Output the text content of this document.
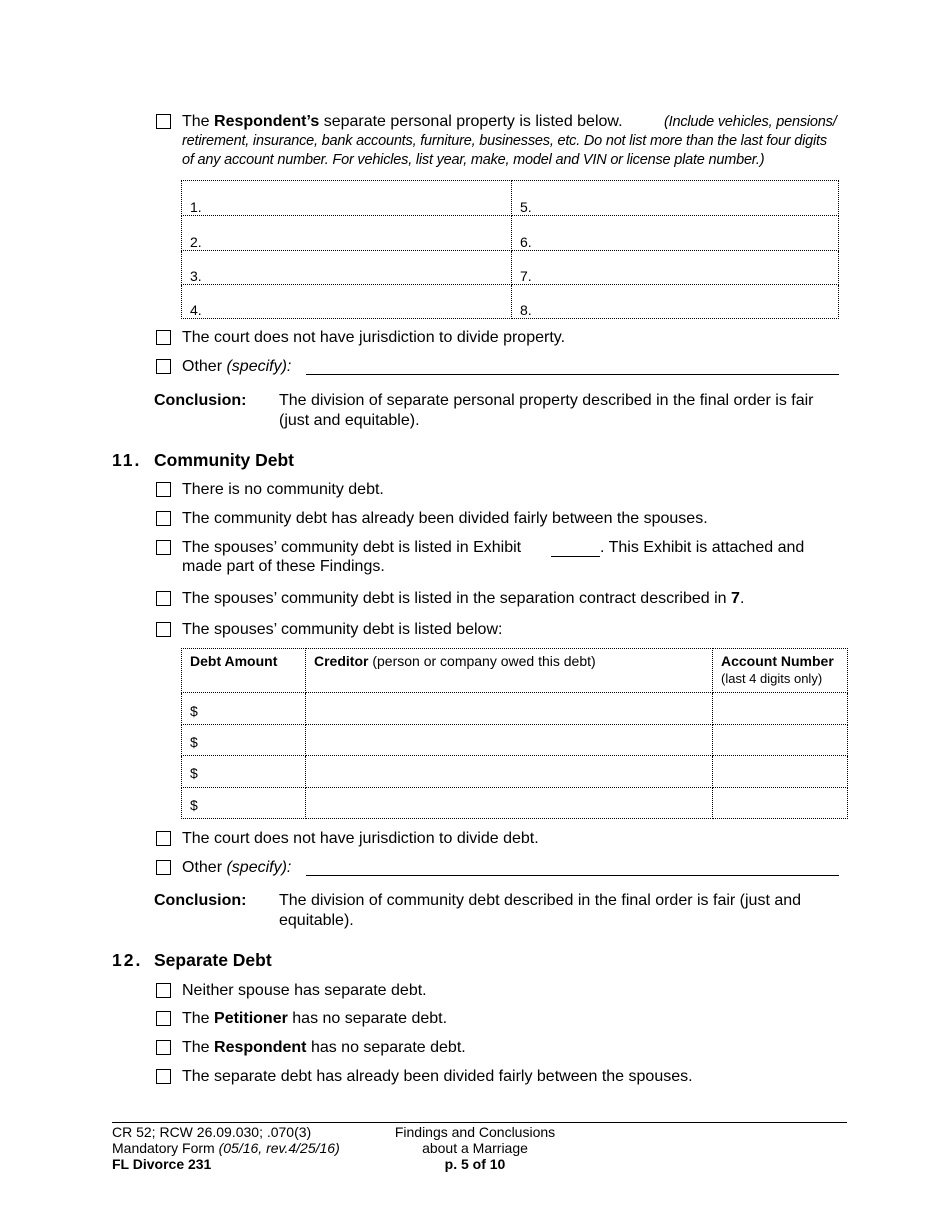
The Respondent’s separate personal property is listed below.	(Include vehicles, pensions/
retirement, insurance, bank accounts, furniture, businesses, etc. Do not list more than the last four digits
of any account number. For vehicles, list year, make, model and VIN or license plate number.)
1.	5.
2.	6.
3.	7.
4.	8.
The court does not have jurisdiction to divide property.
Other (specify):
Conclusion: The division of separate personal property described in the final order is fair
(just and equitable).
11. Community Debt
There is no community debt.
The community debt has already been divided fairly between the spouses.
The spouses’ community debt is listed in Exhibit	. This Exhibit is attached and
made part of these Findings.
The spouses’ community debt is listed in the separation contract described in 7.
The spouses’ community debt is listed below:
Debt Amount	Creditor (person or company owed this debt)	Account Number
(last 4 digits only)
$		
$		
$		
$		
The court does not have jurisdiction to divide debt.
Other (specify):
Conclusion: The division of community debt described in the final order is fair (just and
equitable).
12. Separate Debt
Neither spouse has separate debt.
The Petitioner has no separate debt.
The Respondent has no separate debt.
The separate debt has already been divided fairly between the spouses.
CR 52; RCW 26.09.030; .070(3)
Mandatory Form (05/16, rev.4/25/16)
FL Divorce 231
Findings and Conclusions
about a Marriage
p. 5 of 10
